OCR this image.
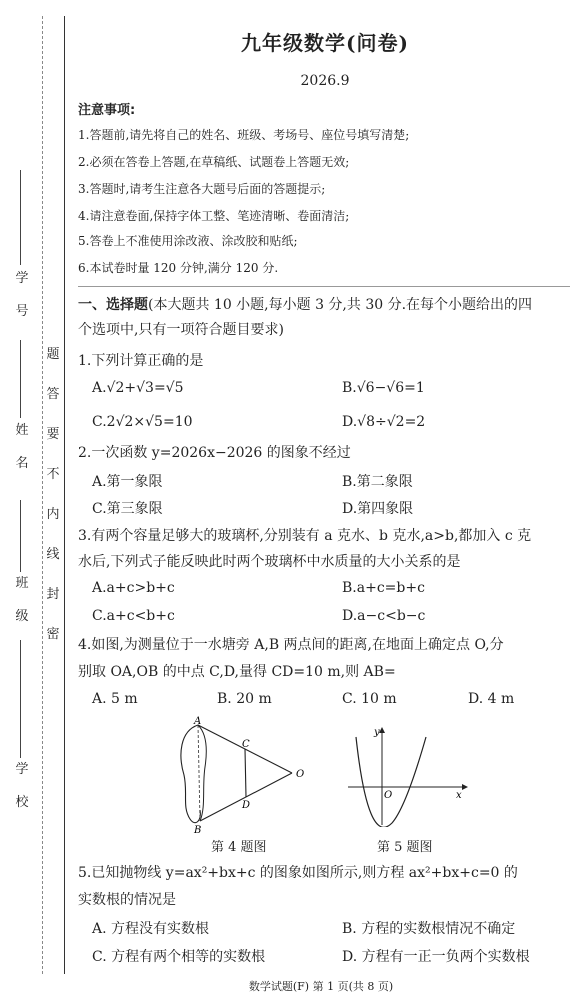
学
号
姓
名
班
级
学
校
题
答
要
不
内
线
封
密
九年级数学(问卷)
2026.9
注意事项:
1.答题前,请先将自己的姓名、班级、考场号、座位号填写清楚;
2.必须在答卷上答题,在草稿纸、试题卷上答题无效;
3.答题时,请考生注意各大题号后面的答题提示;
4.请注意卷面,保持字体工整、笔迹清晰、卷面清洁;
5.答卷上不准使用涂改液、涂改胶和贴纸;
6.本试卷时量 120 分钟,满分 120 分.
一、选择题(本大题共 10 小题,每小题 3 分,共 30 分.在每个小题给出的四
个选项中,只有一项符合题目要求)
1.下列计算正确的是
A.√2+√3=√5	B.√6−√6=1
C.2√2×√5=10	D.√8÷√2=2
2.一次函数 y=2026x−2026 的图象不经过
A.第一象限	B.第二象限
C.第三象限	D.第四象限
3.有两个容量足够大的玻璃杯,分别装有 a 克水、b 克水,a>b,都加入 c 克
水后,下列式子能反映此时两个玻璃杯中水质量的大小关系的是
A.a+c>b+c	B.a+c=b+c
C.a+c<b+c	D.a−c<b−c
4.如图,为测量位于一水塘旁 A,B 两点间的距离,在地面上确定点 O,分
别取 OA,OB 的中点 C,D,量得 CD=10 m,则 AB=
A. 5 m	B. 20 m	C. 10 m	D. 4 m
A
B
C
D
O
第 4 题图
y
x
O
第 5 题图
5.已知抛物线 y=ax²+bx+c 的图象如图所示,则方程 ax²+bx+c=0 的
实数根的情况是
A. 方程没有实数根	B. 方程的实数根情况不确定
C. 方程有两个相等的实数根	D. 方程有一正一负两个实数根
数学试题(F) 第 1 页(共 8 页)
